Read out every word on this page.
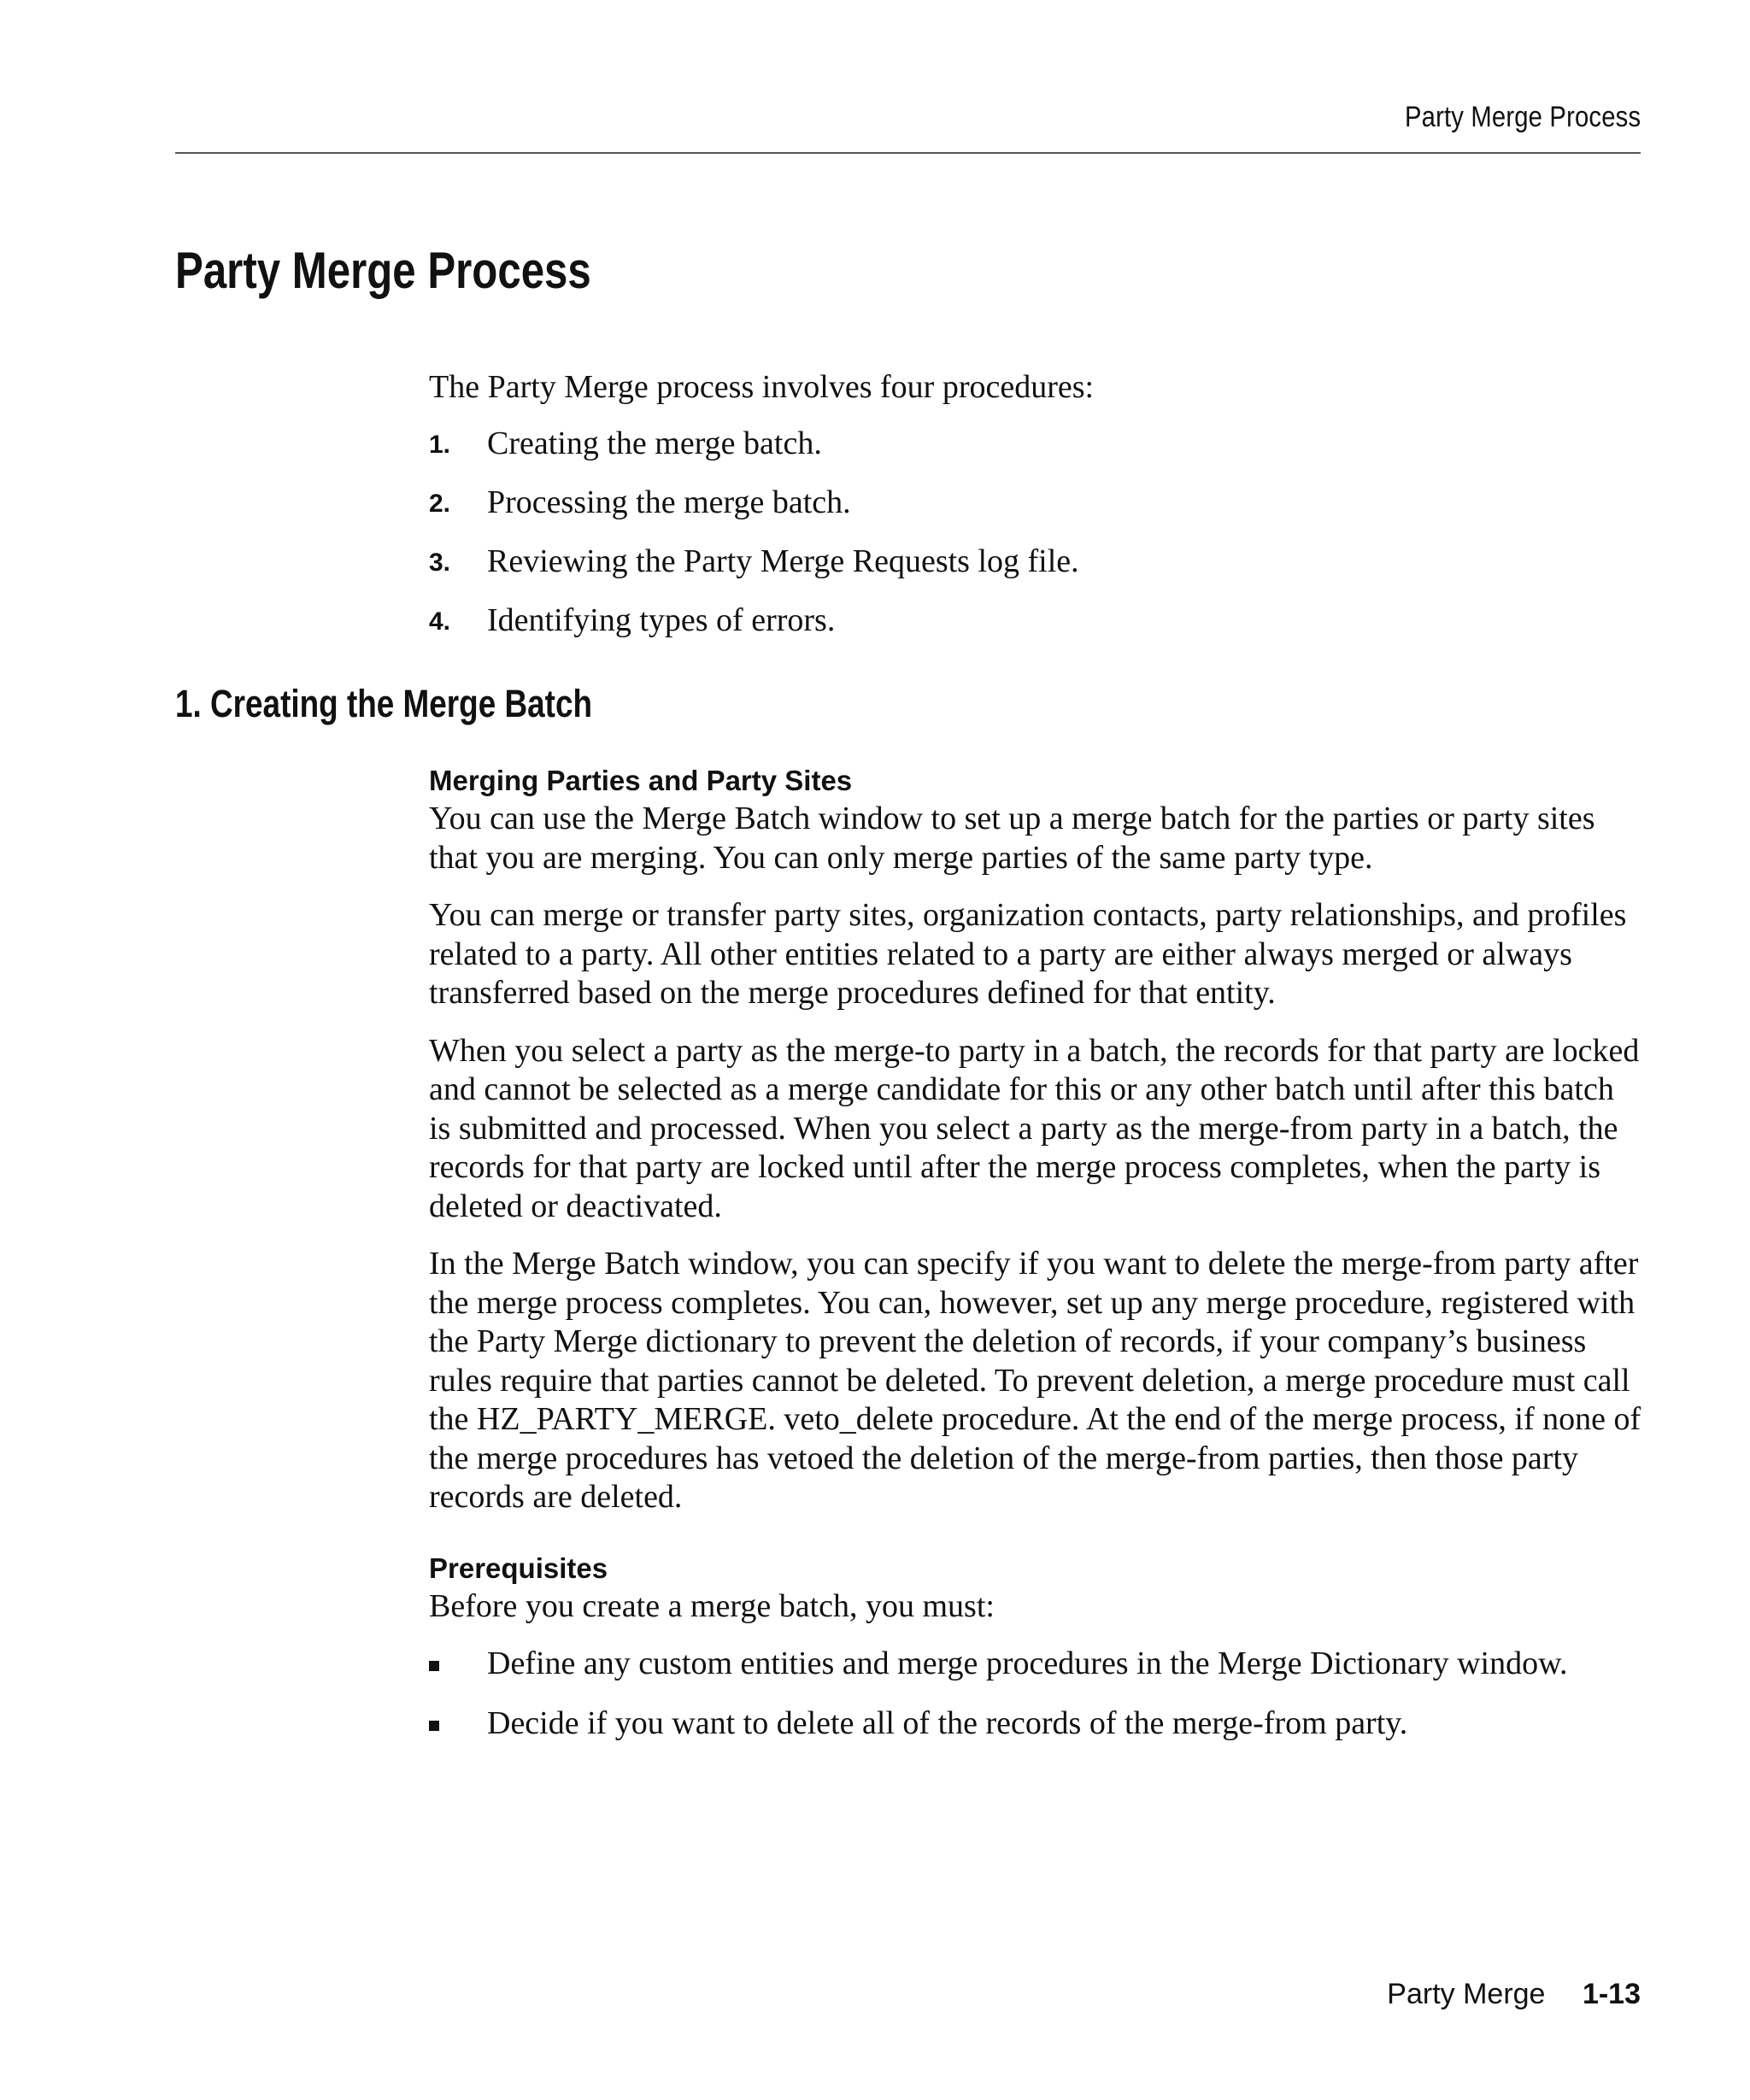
Party Merge Process
Party Merge Process

The Party Merge process involves four procedures:

1. Creating the merge batch.
2. Processing the merge batch.
3. Reviewing the Party Merge Requests log file.
4. Identifying types of errors.
1. Creating the Merge Batch
Merging Parties and Party Sites

You can use the Merge Batch window to set up a merge batch for the parties or party sites that you are merging. You can only merge parties of the same party type.

You can merge or transfer party sites, organization contacts, party relationships, and profiles related to a party. All other entities related to a party are either always merged or always transferred based on the merge procedures defined for that entity.

When you select a party as the merge-to party in a batch, the records for that party are locked and cannot be selected as a merge candidate for this or any other batch until after this batch is submitted and processed. When you select a party as the merge-from party in a batch, the records for that party are locked until after the merge process completes, when the party is deleted or deactivated.

In the Merge Batch window, you can specify if you want to delete the merge-from party after the merge process completes. You can, however, set up any merge procedure, registered with the Party Merge dictionary to prevent the deletion of records, if your company’s business rules require that parties cannot be deleted. To prevent deletion, a merge procedure must call the HZ_PARTY_MERGE. veto_delete procedure. At the end of the merge process, if none of the merge procedures has vetoed the deletion of the merge-from parties, then those party records are deleted.

Prerequisites

Before you create a merge batch, you must:

Define any custom entities and merge procedures in the Merge Dictionary window.
Decide if you want to delete all of the records of the merge-from party.
Party Merge 1-13
